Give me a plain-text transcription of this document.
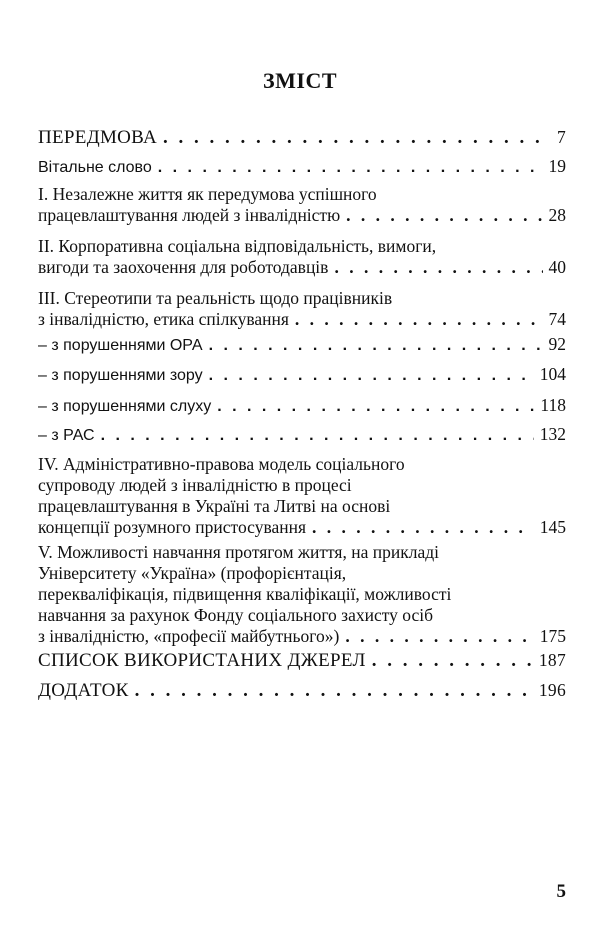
ЗМІСТ
ПЕРЕДМОВА . . .	7
Вітальне слово . . .	19
I. Незалежне життя як передумова успішного
працевлаштування людей з інвалідністю . . .	28
II. Корпоративна соціальна відповідальність, вимоги,
вигоди та заохочення для роботодавців . . .	40
III. Стереотипи та реальність щодо працівників
з інвалідністю, етика спілкування . . .	74
– з порушеннями ОРА . . .	92
– з порушеннями зору . . .	104
– з порушеннями слуху . . .	118
– з РАС . . .	132
IV. Адміністративно-правова модель соціального
супроводу людей з інвалідністю в процесі
працевлаштування в Україні та Литві на основі
концепції розумного пристосування . . .	145
V. Можливості навчання протягом життя, на прикладі
Університету «Україна» (профорієнтація,
перекваліфікація, підвищення кваліфікації, можливості
навчання за рахунок Фонду соціального захисту осіб
з інвалідністю, «професії майбутнього») . . .	175
СПИСОК ВИКОРИСТАНИХ ДЖЕРЕЛ . . .	187
ДОДАТОК . . .	196
5
